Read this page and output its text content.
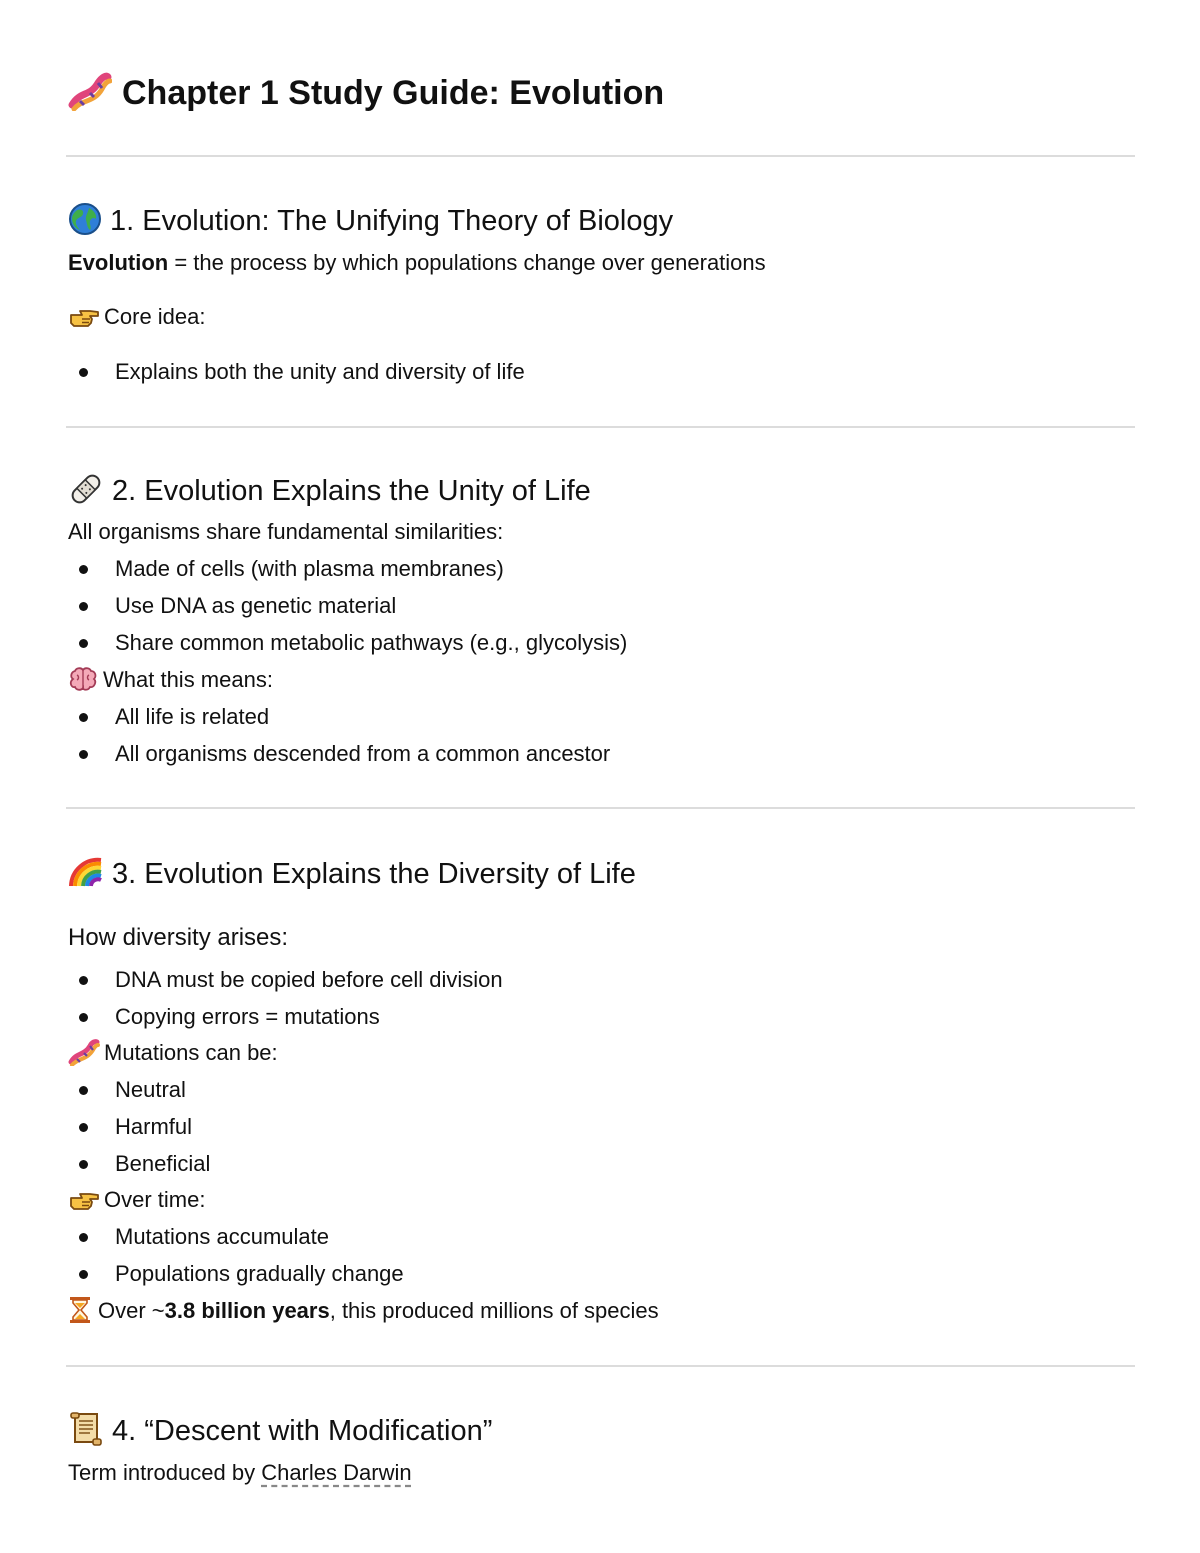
Chapter 1 Study Guide: Evolution
1. Evolution: The Unifying Theory of Biology
Evolution = the process by which populations change over generations
Core idea:
Explains both the unity and diversity of life
2. Evolution Explains the Unity of Life
All organisms share fundamental similarities:
Made of cells (with plasma membranes)
Use DNA as genetic material
Share common metabolic pathways (e.g., glycolysis)
What this means:
All life is related
All organisms descended from a common ancestor
3. Evolution Explains the Diversity of Life
How diversity arises:
DNA must be copied before cell division
Copying errors = mutations
Mutations can be:
Neutral
Harmful
Beneficial
Over time:
Mutations accumulate
Populations gradually change
Over ~3.8 billion years, this produced millions of species
4. “Descent with Modification”
Term introduced by Charles Darwin
